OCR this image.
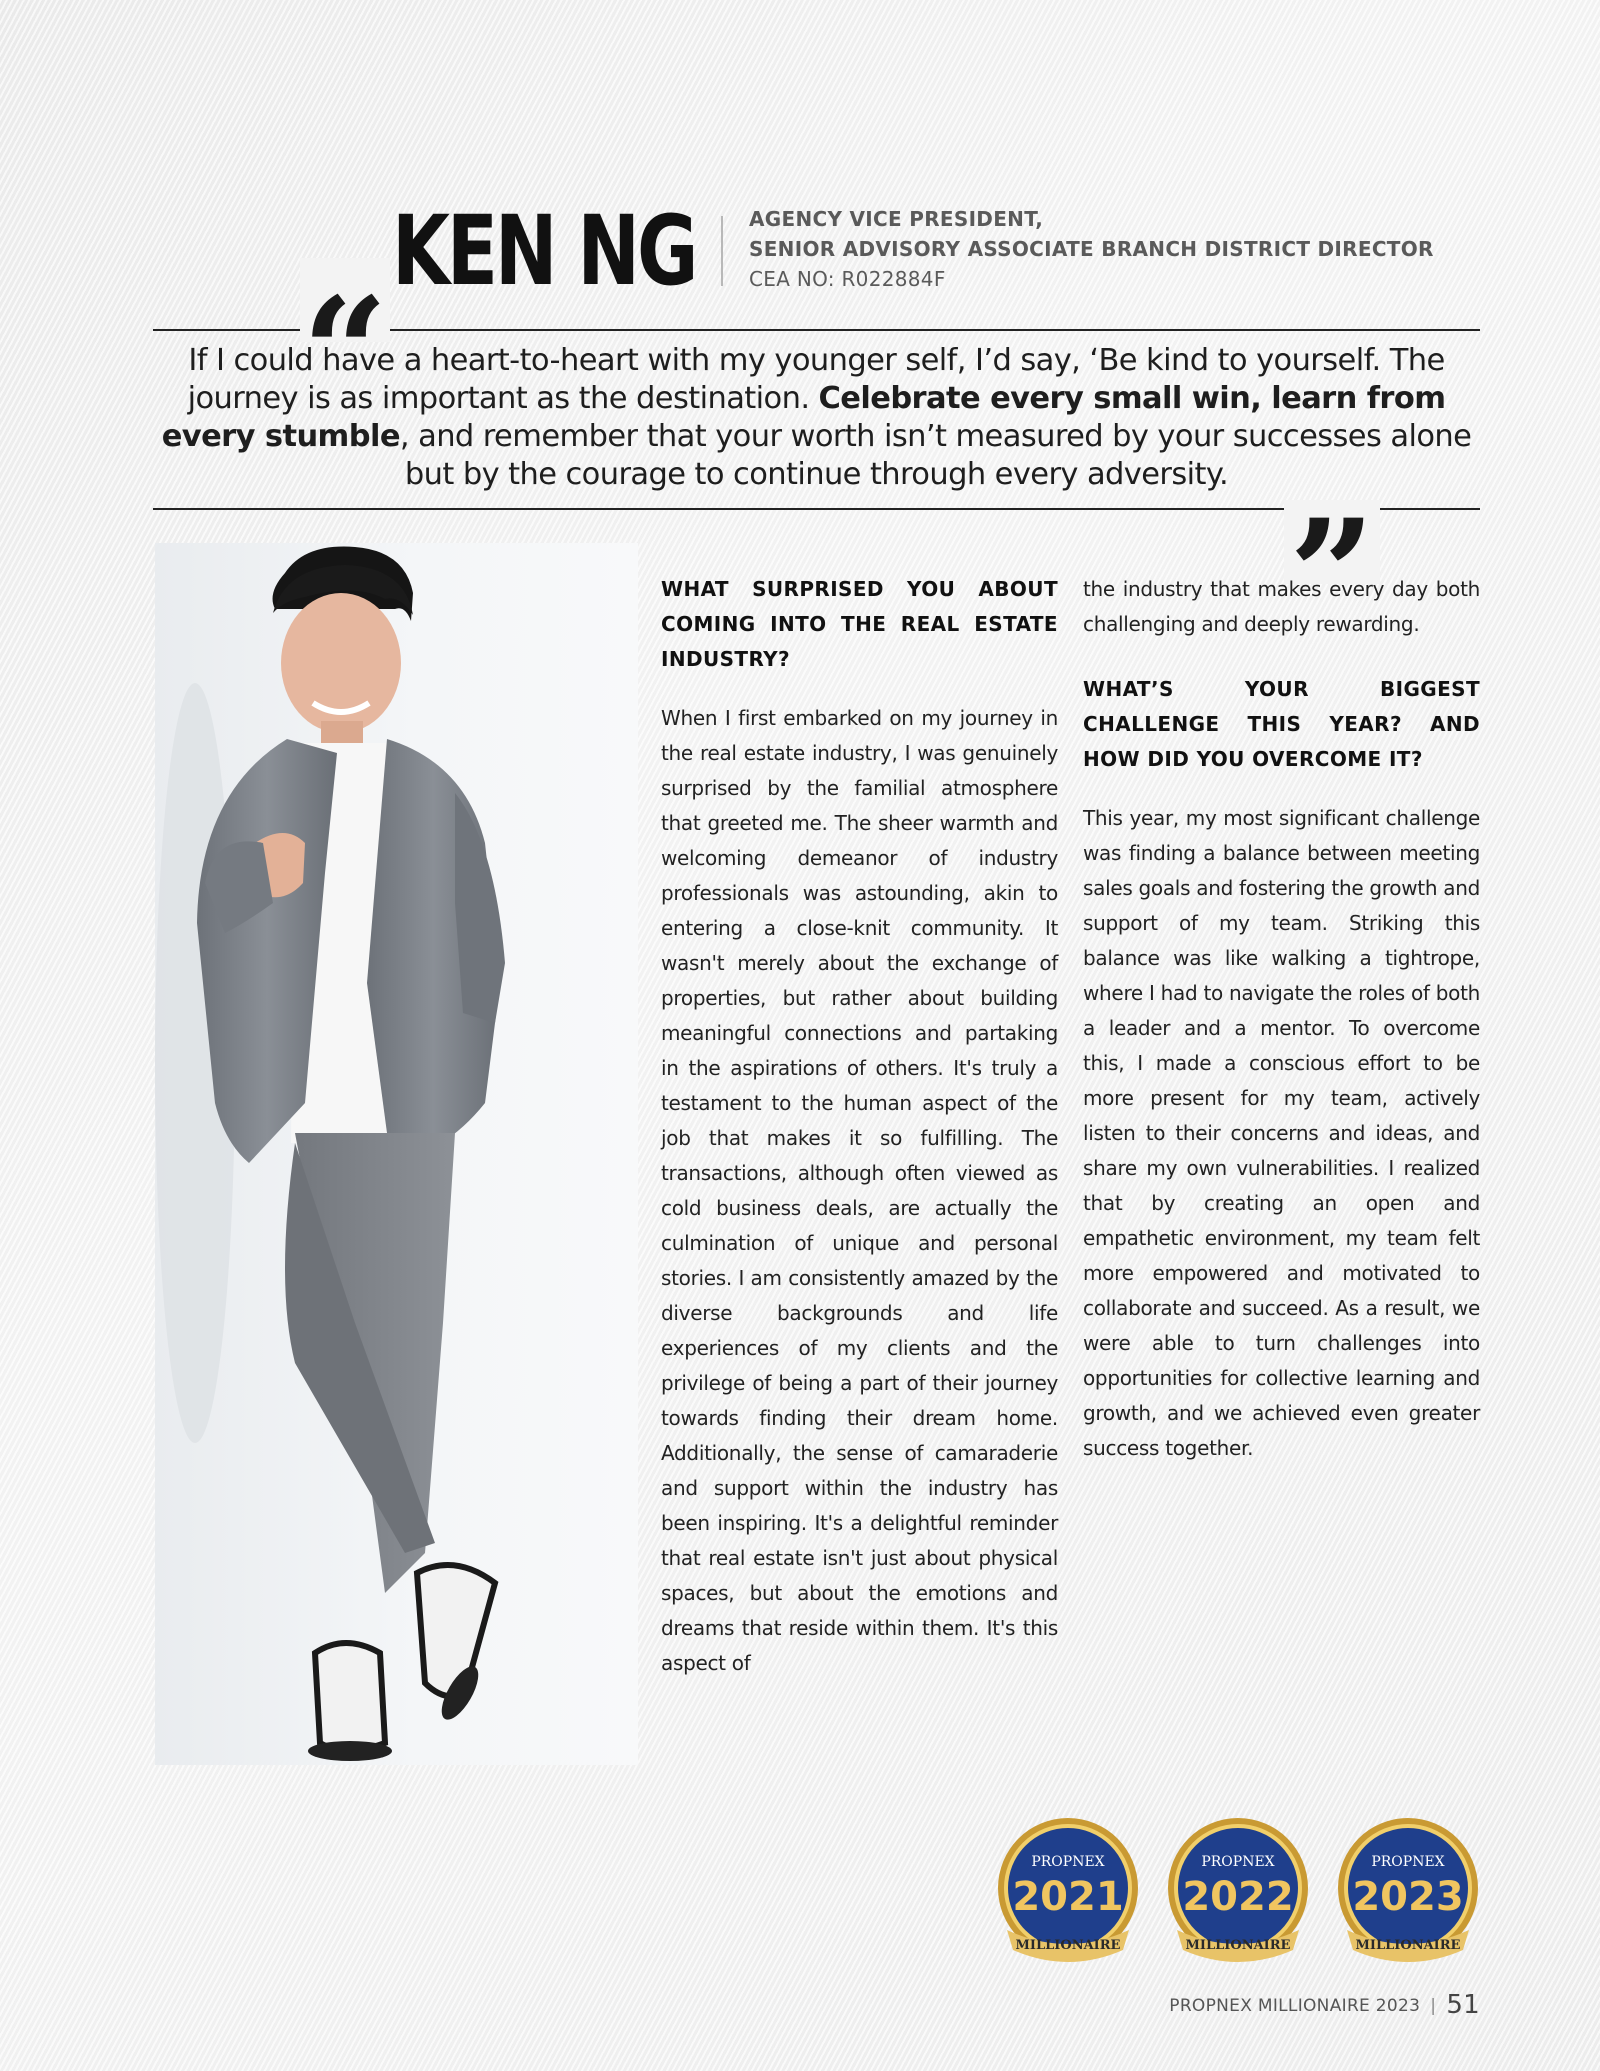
KEN NG	AGENCY VICE PRESIDENT,
SENIOR ADVISORY ASSOCIATE BRANCH DISTRICT DIRECTOR
CEA NO: R022884F
“

If I could have a heart-to-heart with my younger self, I’d say, ‘Be kind to yourself. The journey is as important as the destination. Celebrate every small win, learn from every stumble, and remember that your worth isn’t measured by your successes alone but by the courage to continue through every adversity.

”

WHAT SURPRISED YOU ABOUT COMING INTO THE REAL ESTATE INDUSTRY?

When I first embarked on my journey in the real estate industry, I was genuinely surprised by the familial atmosphere that greeted me. The sheer warmth and welcoming demeanor of industry professionals was astounding, akin to entering a close-knit community. It wasn't merely about the exchange of properties, but rather about building meaningful connections and partaking in the aspirations of others. It's truly a testament to the human aspect of the job that makes it so fulfilling. The transactions, although often viewed as cold business deals, are actually the culmination of unique and personal stories. I am consistently amazed by the diverse backgrounds and life experiences of my clients and the privilege of being a part of their journey towards finding their dream home. Additionally, the sense of camaraderie and support within the industry has been inspiring. It's a delightful reminder that real estate isn't just about physical spaces, but about the emotions and dreams that reside within them. It's this aspect of

the industry that makes every day both challenging and deeply rewarding.

WHAT’S YOUR BIGGEST CHALLENGE THIS YEAR? AND HOW DID YOU OVERCOME IT?

This year, my most significant challenge was finding a balance between meeting sales goals and fostering the growth and support of my team. Striking this balance was like walking a tightrope, where I had to navigate the roles of both a leader and a mentor. To overcome this, I made a conscious effort to be more present for my team, actively listen to their concerns and ideas, and share my own vulnerabilities. I realized that by creating an open and empathetic environment, my team felt more empowered and motivated to collaborate and succeed. As a result, we were able to turn challenges into opportunities for collective learning and growth, and we achieved even greater success together.

PROPNEX
2021
MILLIONAIRE
PROPNEX
2022
MILLIONAIRE
PROPNEX
2023
MILLIONAIRE
PROPNEX MILLIONAIRE 2023 | 51
